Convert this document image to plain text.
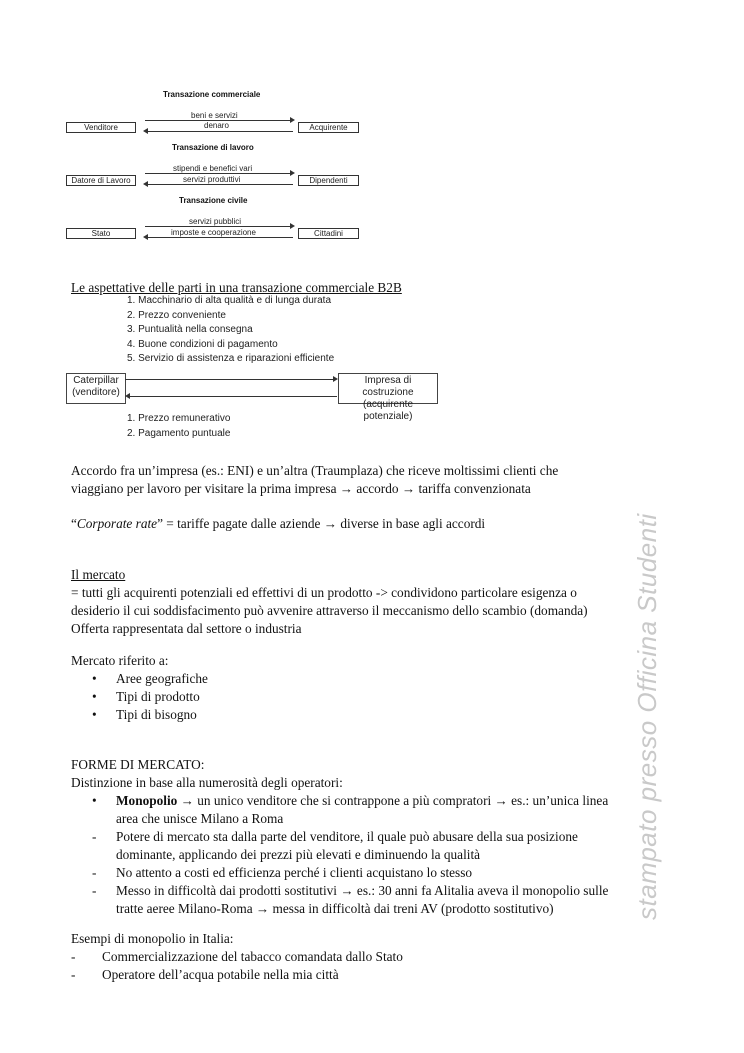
Transazione commerciale
beni e servizi
denaro
Venditore	Acquirente
Transazione di lavoro
stipendi e benefici vari
servizi produttivi
Datore di Lavoro	Dipendenti
Transazione civile
servizi pubblici
imposte e cooperazione
Stato	Cittadini
Le aspettative delle parti in una transazione commerciale B2B
1. Macchinario di alta qualità e di lunga durata
2. Prezzo conveniente
3. Puntualità nella consegna
4. Buone condizioni di pagamento
5. Servizio di assistenza e riparazioni efficiente
Caterpillar
(venditore)
Impresa di costruzione
(acquirente potenziale)
1. Prezzo remunerativo
2. Pagamento puntuale
Accordo fra un’impresa (es.: ENI) e un’altra (Traumplaza) che riceve moltissimi clienti che
viaggiano per lavoro per visitare la prima impresa → accordo → tariffa convenzionata
“Corporate rate” = tariffe pagate dalle aziende → diverse in base agli accordi
Il mercato
= tutti gli acquirenti potenziali ed effettivi di un prodotto -> condividono particolare esigenza o
desiderio il cui soddisfacimento può avvenire attraverso il meccanismo dello scambio (domanda)
Offerta rappresentata dal settore o industria
Mercato riferito a:
• Aree geografiche
• Tipi di prodotto
• Tipi di bisogno
FORME DI MERCATO:
Distinzione in base alla numerosità degli operatori:
• Monopolio → un unico venditore che si contrappone a più compratori → es.: un’unica linea
area che unisce Milano a Roma
- Potere di mercato sta dalla parte del venditore, il quale può abusare della sua posizione
dominante, applicando dei prezzi più elevati e diminuendo la qualità
- No attento a costi ed efficienza perché i clienti acquistano lo stesso
- Messo in difficoltà dai prodotti sostitutivi → es.: 30 anni fa Alitalia aveva il monopolio sulle
tratte aeree Milano-Roma → messa in difficoltà dai treni AV (prodotto sostitutivo)
Esempi di monopolio in Italia:
- Commercializzazione del tabacco comandata dallo Stato
- Operatore dell’acqua potabile nella mia città
stampato presso Officina Studenti
